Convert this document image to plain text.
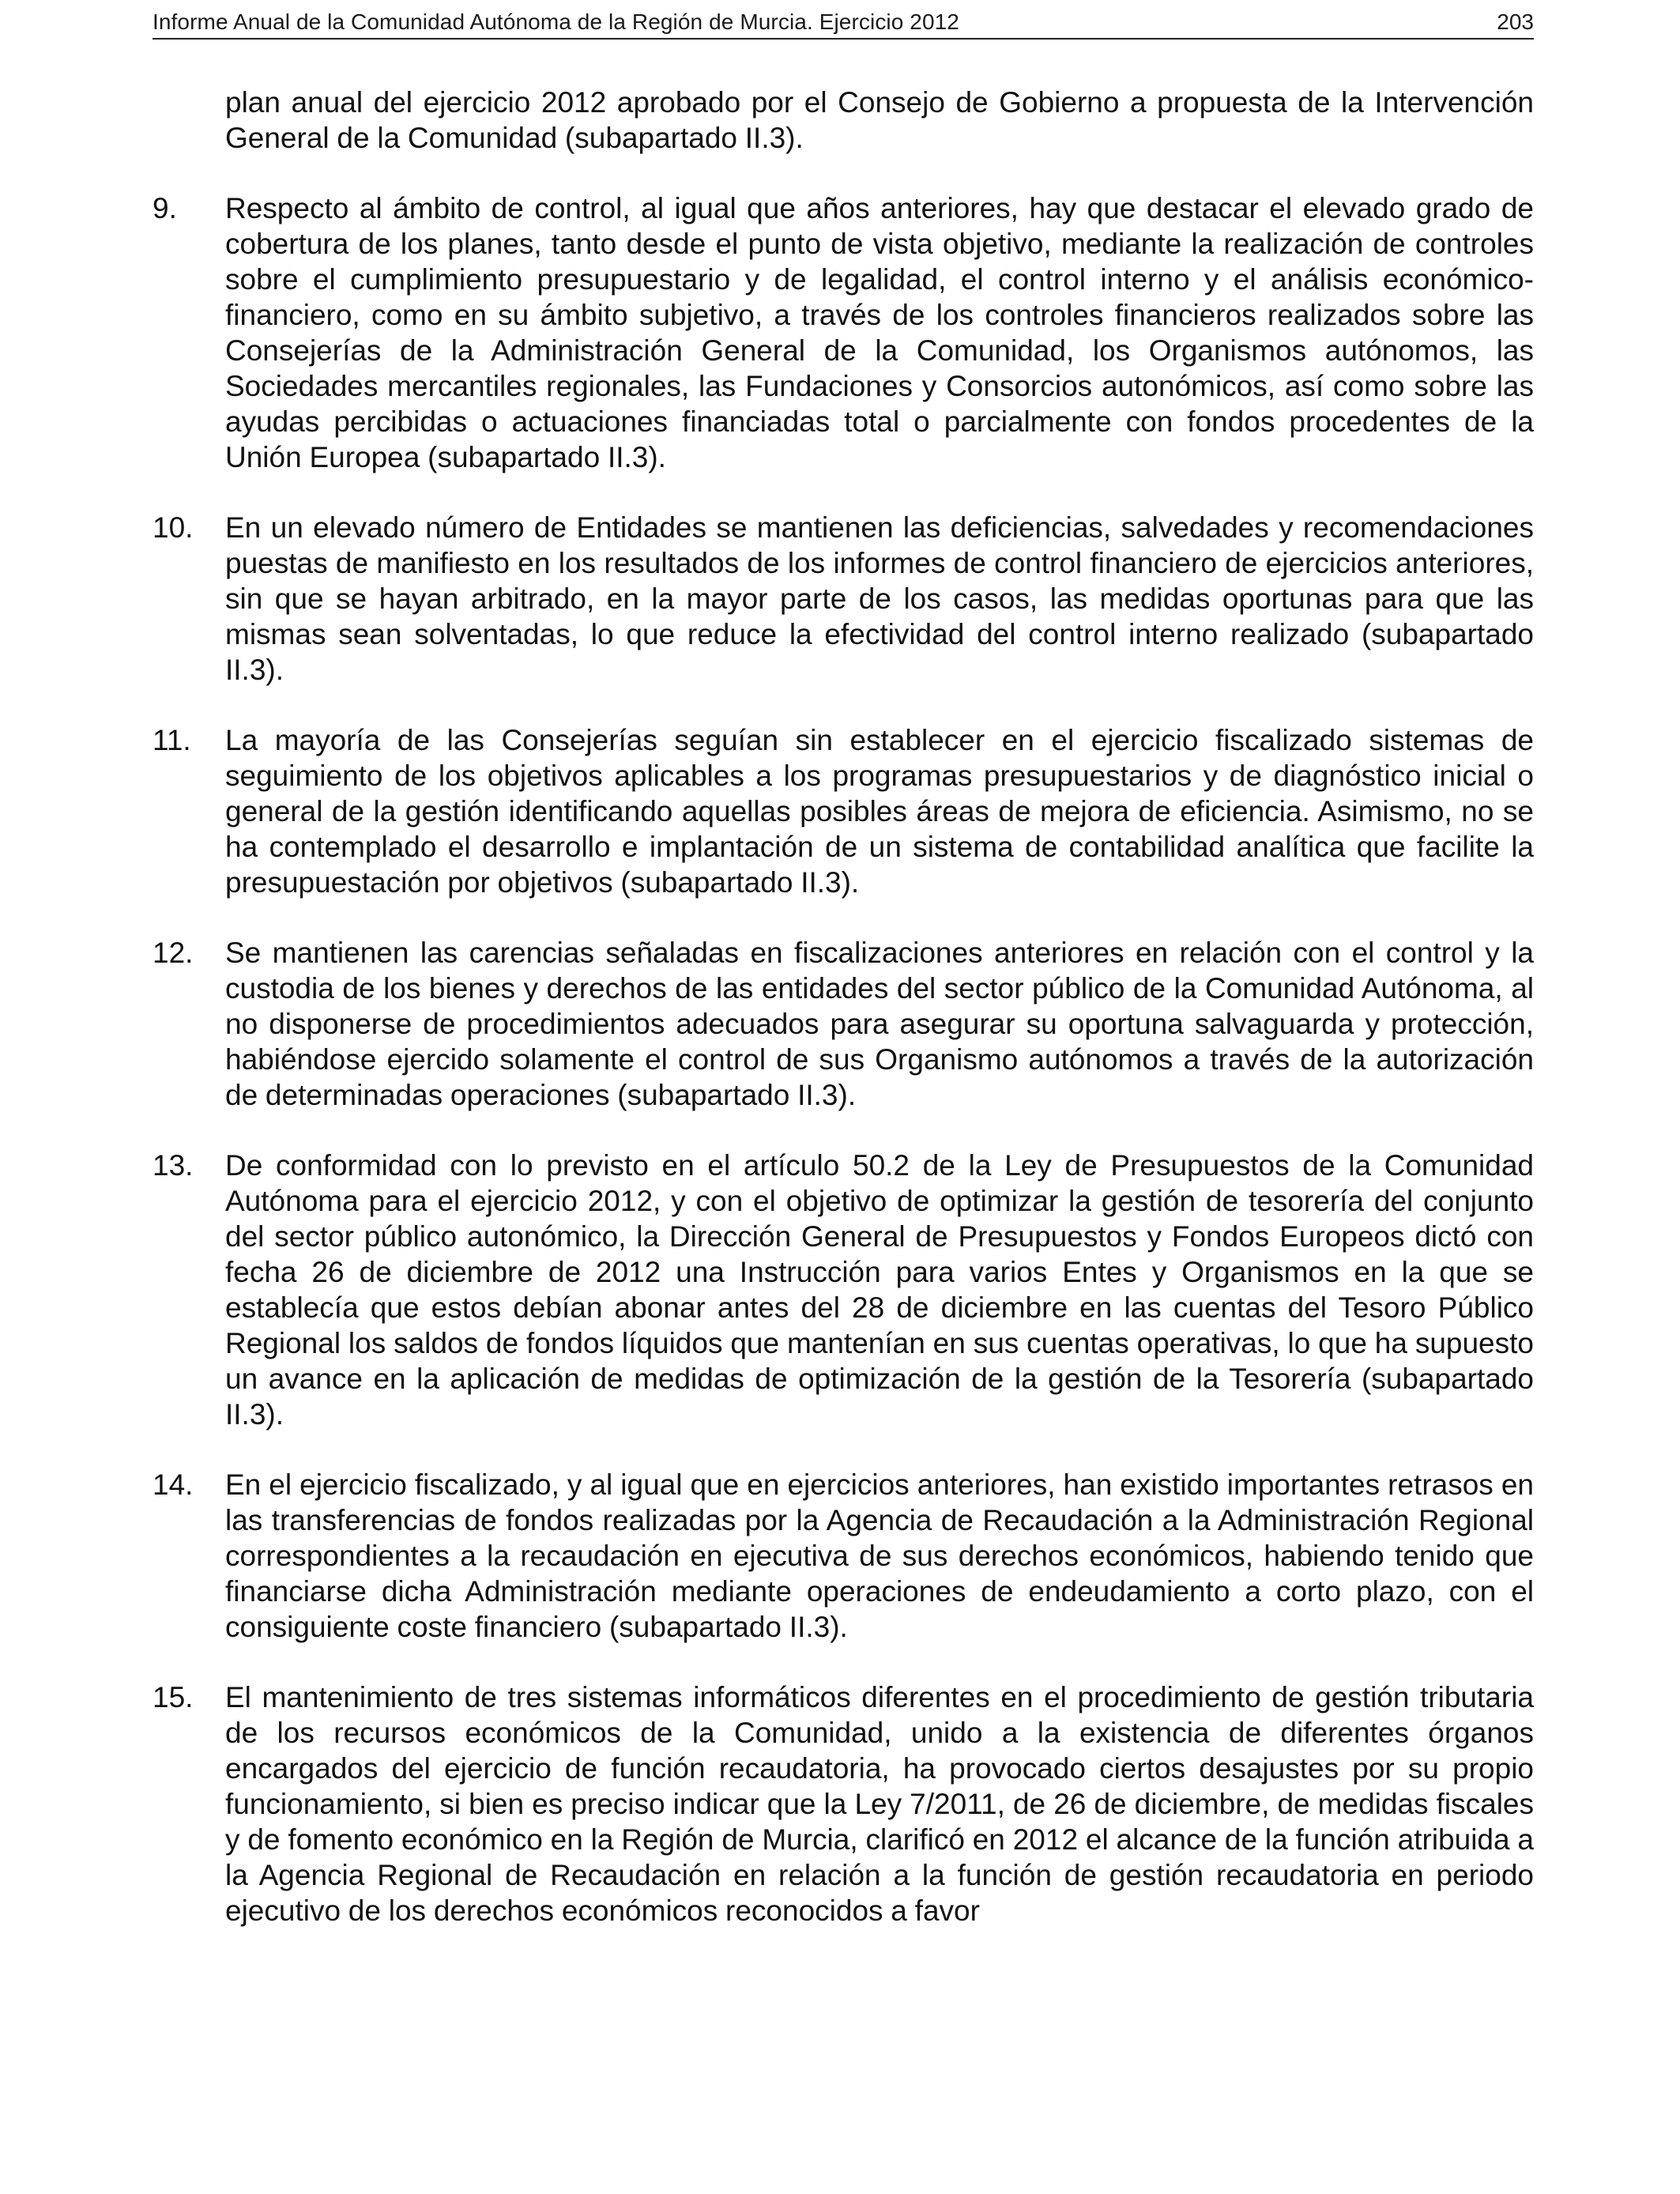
Informe Anual de la Comunidad Autónoma de la Región de Murcia. Ejercicio 2012	203
plan anual del ejercicio 2012 aprobado por el Consejo de Gobierno a propuesta de la Intervención General de la Comunidad (subapartado II.3).
9.	Respecto al ámbito de control, al igual que años anteriores, hay que destacar el elevado grado de cobertura de los planes, tanto desde el punto de vista objetivo, mediante la realización de controles sobre el cumplimiento presupuestario y de legalidad, el control interno y el análisis económico-financiero, como en su ámbito subjetivo, a través de los controles financieros realizados sobre las Consejerías de la Administración General de la Comunidad, los Organismos autónomos, las Sociedades mercantiles regionales, las Fundaciones y Consorcios autonómicos, así como sobre las ayudas percibidas o actuaciones financiadas total o parcialmente con fondos procedentes de la Unión Europea (subapartado II.3).
10.	En un elevado número de Entidades se mantienen las deficiencias, salvedades y recomendaciones puestas de manifiesto en los resultados de los informes de control financiero de ejercicios anteriores, sin que se hayan arbitrado, en la mayor parte de los casos, las medidas oportunas para que las mismas sean solventadas, lo que reduce la efectividad del control interno realizado (subapartado II.3).
11.	La mayoría de las Consejerías seguían sin establecer en el ejercicio fiscalizado sistemas de seguimiento de los objetivos aplicables a los programas presupuestarios y de diagnóstico inicial o general de la gestión identificando aquellas posibles áreas de mejora de eficiencia. Asimismo, no se ha contemplado el desarrollo e implantación de un sistema de contabilidad analítica que facilite la presupuestación por objetivos (subapartado II.3).
12.	Se mantienen las carencias señaladas en fiscalizaciones anteriores en relación con el control y la custodia de los bienes y derechos de las entidades del sector público de la Comunidad Autónoma, al no disponerse de procedimientos adecuados para asegurar su oportuna salvaguarda y protección, habiéndose ejercido solamente el control de sus Organismo autónomos a través de la autorización de determinadas operaciones (subapartado II.3).
13.	De conformidad con lo previsto en el artículo 50.2 de la Ley de Presupuestos de la Comunidad Autónoma para el ejercicio 2012, y con el objetivo de optimizar la gestión de tesorería del conjunto del sector público autonómico, la Dirección General de Presupuestos y Fondos Europeos dictó con fecha 26 de diciembre de 2012 una Instrucción para varios Entes y Organismos en la que se establecía que estos debían abonar antes del 28 de diciembre en las cuentas del Tesoro Público Regional los saldos de fondos líquidos que mantenían en sus cuentas operativas, lo que ha supuesto un avance en la aplicación de medidas de optimización de la gestión de la Tesorería (subapartado II.3).
14.	En el ejercicio fiscalizado, y al igual que en ejercicios anteriores, han existido importantes retrasos en las transferencias de fondos realizadas por la Agencia de Recaudación a la Administración Regional correspondientes a la recaudación en ejecutiva de sus derechos económicos, habiendo tenido que financiarse dicha Administración mediante operaciones de endeudamiento a corto plazo, con el consiguiente coste financiero (subapartado II.3).
15.	El mantenimiento de tres sistemas informáticos diferentes en el procedimiento de gestión tributaria de los recursos económicos de la Comunidad, unido a la existencia de diferentes órganos encargados del ejercicio de función recaudatoria, ha provocado ciertos desajustes por su propio funcionamiento, si bien es preciso indicar que la Ley 7/2011, de 26 de diciembre, de medidas fiscales y de fomento económico en la Región de Murcia, clarificó en 2012 el alcance de la función atribuida a la Agencia Regional de Recaudación en relación a la función de gestión recaudatoria en periodo ejecutivo de los derechos económicos reconocidos a favor
